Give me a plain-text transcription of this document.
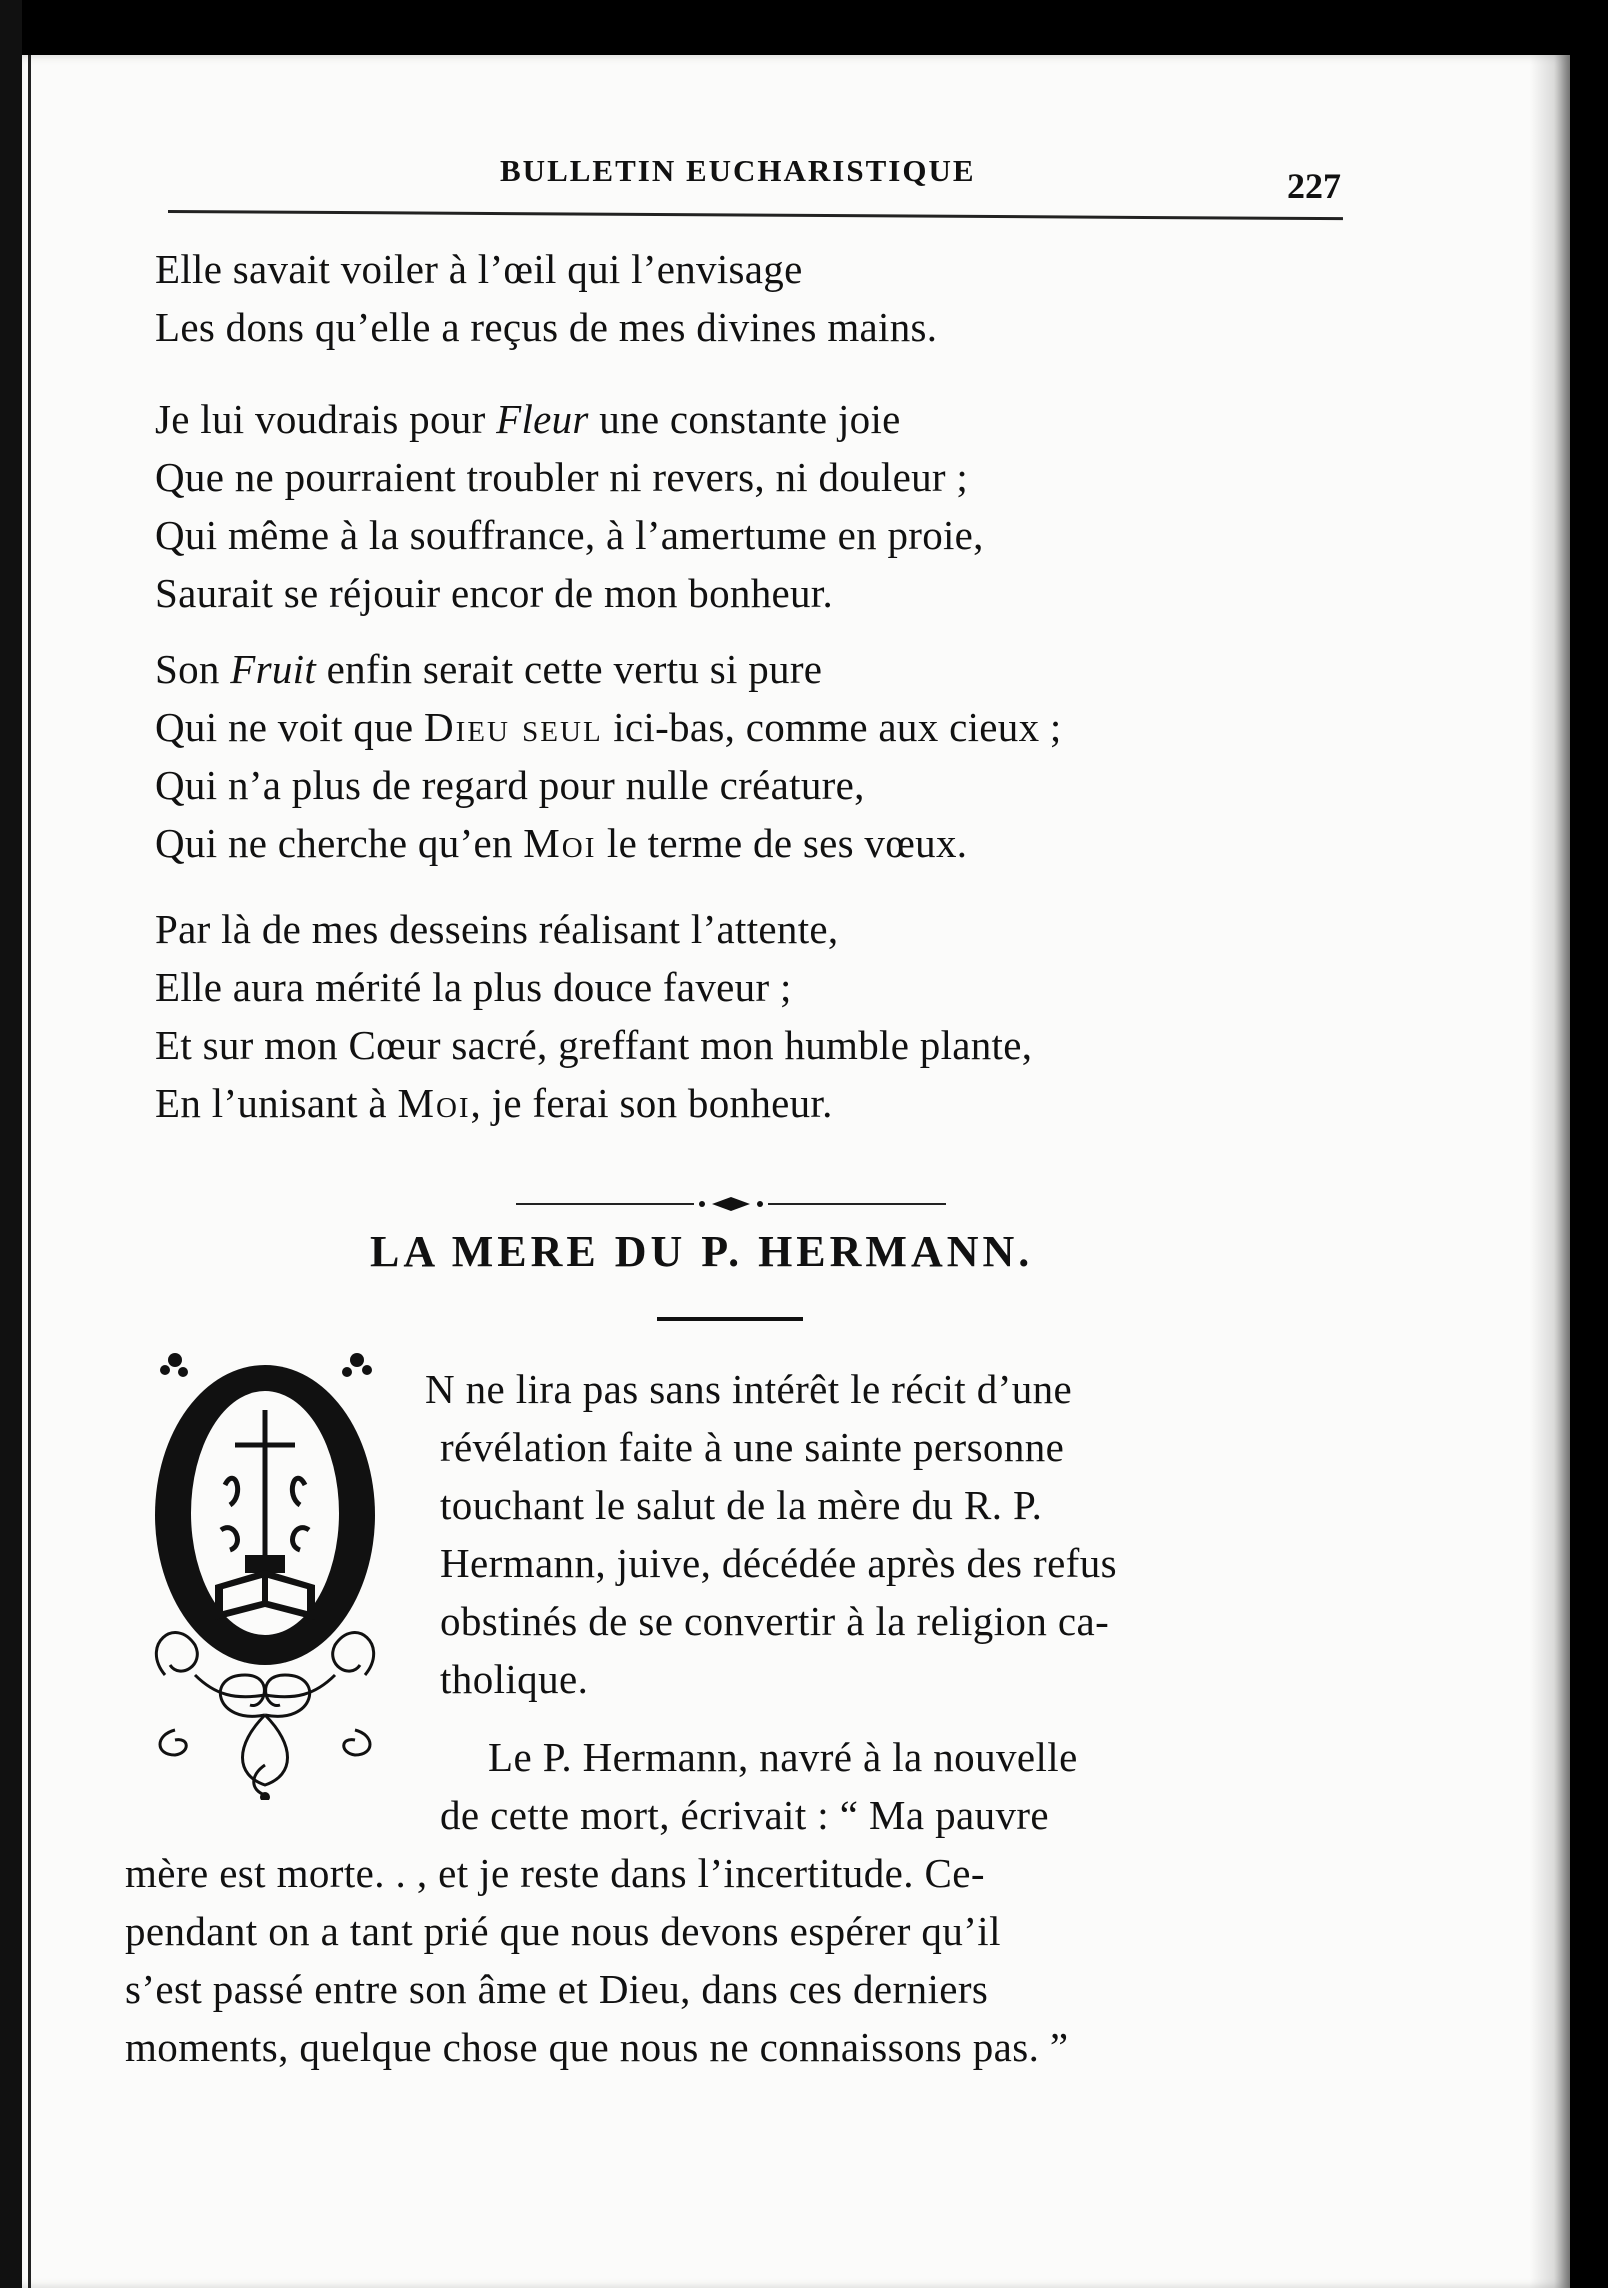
BULLETIN EUCHARISTIQUE	227
Elle savait voiler à l’œil qui l’envisage
Les dons qu’elle a reçus de mes divines mains.
Je lui voudrais pour Fleur une constante joie
Que ne pourraient troubler ni revers, ni douleur ;
Qui même à la souffrance, à l’amertume en proie,
Saurait se réjouir encor de mon bonheur.
Son Fruit enfin serait cette vertu si pure
Qui ne voit que Dieu seul ici-bas, comme aux cieux ;
Qui n’a plus de regard pour nulle créature,
Qui ne cherche qu’en Moi le terme de ses vœux.
Par là de mes desseins réalisant l’attente,
Elle aura mérité la plus douce faveur ;
Et sur mon Cœur sacré, greffant mon humble plante,
En l’unisant à Moi, je ferai son bonheur.
LA MERE DU P. HERMANN.
N ne lira pas sans intérêt le récit d’une
révélation faite à une sainte personne
touchant le salut de la mère du R. P.
Hermann, juive, décédée après des refus
obstinés de se convertir à la religion ca-
tholique.
Le P. Hermann, navré à la nouvelle
de cette mort, écrivait : “ Ma pauvre
mère est morte. . , et je reste dans l’incertitude. Ce-
pendant on a tant prié que nous devons espérer qu’il
s’est passé entre son âme et Dieu, dans ces derniers
moments, quelque chose que nous ne connaissons pas. ”
